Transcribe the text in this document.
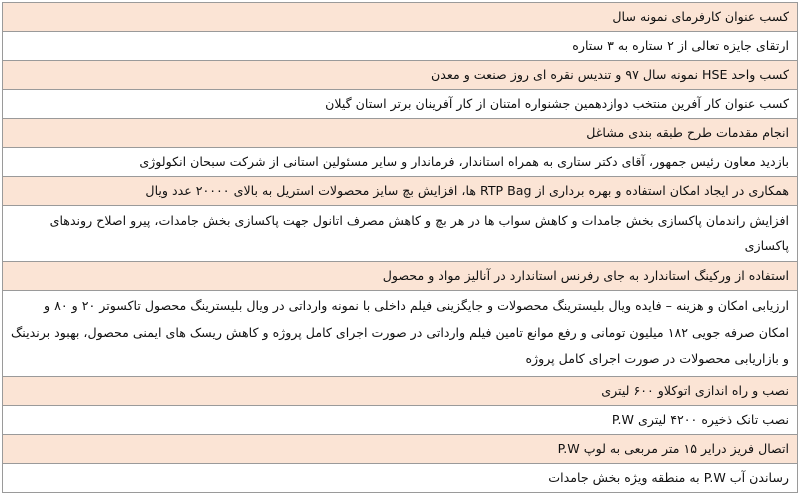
کسب عنوان کارفرمای نمونه سال
ارتقای جایزه تعالی از ۲ ستاره به ۳ ستاره
کسب واحد HSE نمونه سال ۹۷ و تندیس نقره ای روز صنعت و معدن
کسب عنوان کار آفرین منتخب دوازدهمین جشنواره امتنان از کار آفرینان برتر استان گیلان
انجام مقدمات طرح طبقه بندی مشاغل
بازدید معاون رئیس جمهور، آقای دکتر ستاری به همراه استاندار، فرماندار و سایر مسئولین استانی از شرکت سبحان انکولوژی
همکاری در ایجاد امکان استفاده و بهره برداری از RTP Bag ها، افزایش بچ سایز محصولات استریل به بالای ۲۰۰۰۰ عدد ویال
افزایش راندمان پاکسازی بخش جامدات و کاهش سواب ها در هر بچ و کاهش مصرف اتانول جهت پاکسازی بخش جامدات، پیرو اصلاح روندهای پاکسازی
استفاده از ورکینگ استاندارد به جای رفرنس استاندارد در آنالیز مواد و محصول
ارزیابی امکان و هزینه – فایده ویال بلیسترینگ محصولات و جایگزینی فیلم داخلی با نمونه وارداتی در ویال بلیسترینگ محصول تاکسوتر ۲۰ و ۸۰ و امکان صرفه جویی ۱۸۲ میلیون تومانی و رفع موانع تامین فیلم وارداتی در صورت اجرای کامل پروژه و کاهش ریسک های ایمنی محصول، بهبود برندینگ و بازاریابی محصولات در صورت اجرای کامل پروژه
نصب و راه اندازی اتوکلاو ۶۰۰ لیتری
نصب تانک ذخیره ۴۲۰۰ لیتری P.W
اتصال فریز درایر ۱۵ متر مربعی به لوپ P.W
رساندن آب P.W به منطقه ویژه بخش جامدات
